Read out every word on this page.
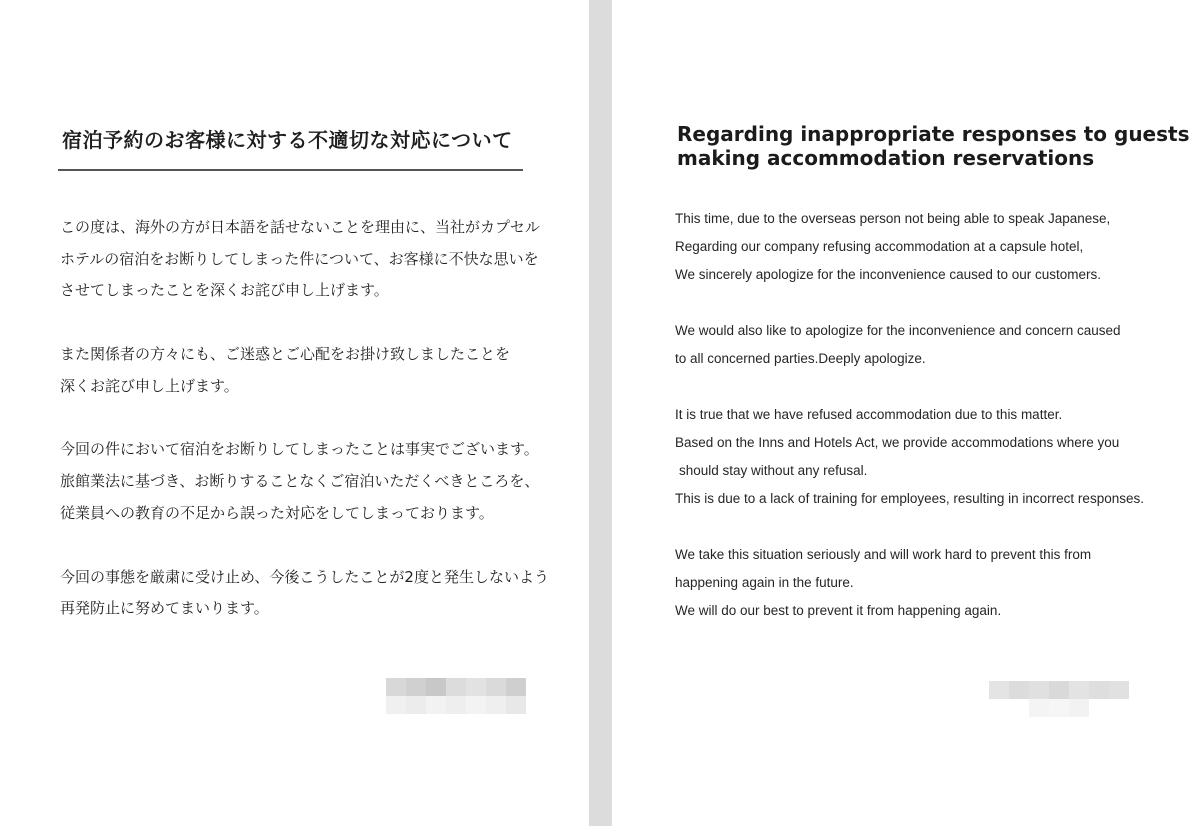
宿泊予約のお客様に対する不適切な対応について
この度は、海外の方が日本語を話せないことを理由に、当社がカプセル
ホテルの宿泊をお断りしてしまった件について、お客様に不快な思いを
させてしまったことを深くお詫び申し上げます。
また関係者の方々にも、ご迷惑とご心配をお掛け致しましたことを
深くお詫び申し上げます。
今回の件において宿泊をお断りしてしまったことは事実でございます。
旅館業法に基づき、お断りすることなくご宿泊いただくべきところを、
従業員への教育の不足から誤った対応をしてしまっております。
今回の事態を厳粛に受け止め、今後こうしたことが2度と発生しないよう
再発防止に努めてまいります。
Regarding inappropriate responses to guests
making accommodation reservations
This time, due to the overseas person not being able to speak Japanese,
Regarding our company refusing accommodation at a capsule hotel,
We sincerely apologize for the inconvenience caused to our customers.
We would also like to apologize for the inconvenience and concern caused
to all concerned parties.Deeply apologize.
It is true that we have refused accommodation due to this matter.
Based on the Inns and Hotels Act, we provide accommodations where you
should stay without any refusal.
This is due to a lack of training for employees, resulting in incorrect responses.
We take this situation seriously and will work hard to prevent this from
happening again in the future.
We will do our best to prevent it from happening again.
